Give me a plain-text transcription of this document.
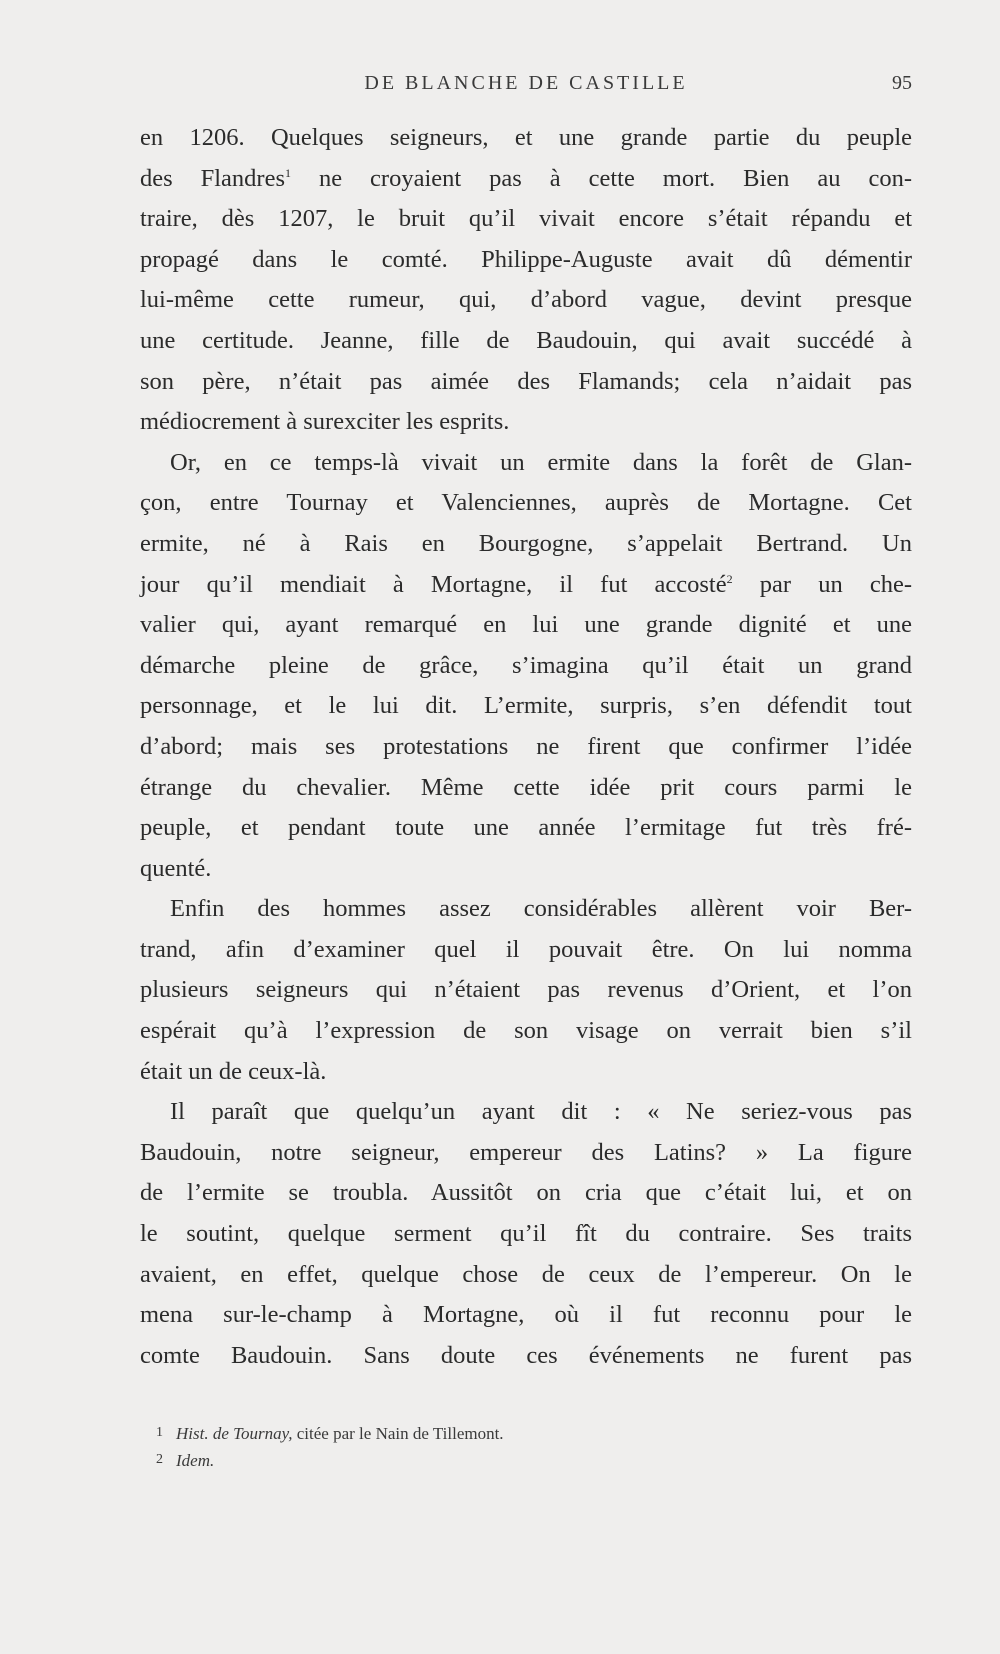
DE BLANCHE DE CASTILLE	95
en 1206. Quelques seigneurs, et une grande partie du peuple
des Flandres$^1$ ne croyaient pas à cette mort. Bien au con-
traire, dès 1207, le bruit qu’il vivait encore s’était répandu et
propagé dans le comté. Philippe-Auguste avait dû démentir
lui-même cette rumeur, qui, d’abord vague, devint presque
une certitude. Jeanne, fille de Baudouin, qui avait succédé à
son père, n’était pas aimée des Flamands; cela n’aidait pas
médiocrement à surexciter les esprits.
Or, en ce temps-là vivait un ermite dans la forêt de Glan-
çon, entre Tournay et Valenciennes, auprès de Mortagne. Cet
ermite, né à Rais en Bourgogne, s’appelait Bertrand. Un
jour qu’il mendiait à Mortagne, il fut accosté$^2$ par un che-
valier qui, ayant remarqué en lui une grande dignité et une
démarche pleine de grâce, s’imagina qu’il était un grand
personnage, et le lui dit. L’ermite, surpris, s’en défendit tout
d’abord; mais ses protestations ne firent que confirmer l’idée
étrange du chevalier. Même cette idée prit cours parmi le
peuple, et pendant toute une année l’ermitage fut très fré-
quenté.
Enfin des hommes assez considérables allèrent voir Ber-
trand, afin d’examiner quel il pouvait être. On lui nomma
plusieurs seigneurs qui n’étaient pas revenus d’Orient, et l’on
espérait qu’à l’expression de son visage on verrait bien s’il
était un de ceux-là.
Il paraît que quelqu’un ayant dit : « Ne seriez-vous pas
Baudouin, notre seigneur, empereur des Latins? » La figure
de l’ermite se troubla. Aussitôt on cria que c’était lui, et on
le soutint, quelque serment qu’il fît du contraire. Ses traits
avaient, en effet, quelque chose de ceux de l’empereur. On le
mena sur-le-champ à Mortagne, où il fut reconnu pour le
comte Baudouin. Sans doute ces événements ne furent pas
1 Hist. de Tournay, citée par le Nain de Tillemont.
2 Idem.
